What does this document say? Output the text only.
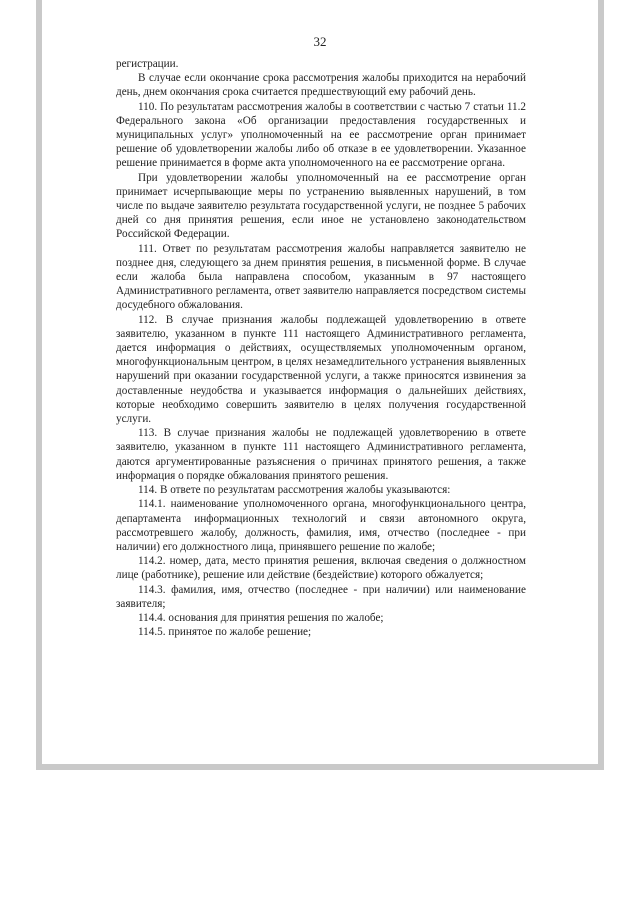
32

регистрации.

В случае если окончание срока рассмотрения жалобы приходится на нерабочий день, днем окончания срока считается предшествующий ему рабочий день.

110. По результатам рассмотрения жалобы в соответствии с частью 7 статьи 11.2 Федерального закона «Об организации предоставления государственных и муниципальных услуг» уполномоченный на ее рассмотрение орган принимает решение об удовлетворении жалобы либо об отказе в ее удовлетворении. Указанное решение принимается в форме акта уполномоченного на ее рассмотрение органа.

При удовлетворении жалобы уполномоченный на ее рассмотрение орган принимает исчерпывающие меры по устранению выявленных нарушений, в том числе по выдаче заявителю результата государственной услуги, не позднее 5 рабочих дней со дня принятия решения, если иное не установлено законодательством Российской Федерации.

111. Ответ по результатам рассмотрения жалобы направляется заявителю не позднее дня, следующего за днем принятия решения, в письменной форме. В случае если жалоба была направлена способом, указанным в 97 настоящего Административного регламента, ответ заявителю направляется посредством системы досудебного обжалования.

112. В случае признания жалобы подлежащей удовлетворению в ответе заявителю, указанном в пункте 111 настоящего Административного регламента, дается информация о действиях, осуществляемых уполномоченным органом, многофункциональным центром, в целях незамедлительного устранения выявленных нарушений при оказании государственной услуги, а также приносятся извинения за доставленные неудобства и указывается информация о дальнейших действиях, которые необходимо совершить заявителю в целях получения государственной услуги.

113. В случае признания жалобы не подлежащей удовлетворению в ответе заявителю, указанном в пункте 111 настоящего Административного регламента, даются аргументированные разъяснения о причинах принятого решения, а также информация о порядке обжалования принятого решения.

114. В ответе по результатам рассмотрения жалобы указываются:

114.1. наименование уполномоченного органа, многофункционального центра, департамента информационных технологий и связи автономного округа, рассмотревшего жалобу, должность, фамилия, имя, отчество (последнее - при наличии) его должностного лица, принявшего решение по жалобе;

114.2. номер, дата, место принятия решения, включая сведения о должностном лице (работнике), решение или действие (бездействие) которого обжалуется;

114.3. фамилия, имя, отчество (последнее - при наличии) или наименование заявителя;

114.4. основания для принятия решения по жалобе;

114.5. принятое по жалобе решение;
